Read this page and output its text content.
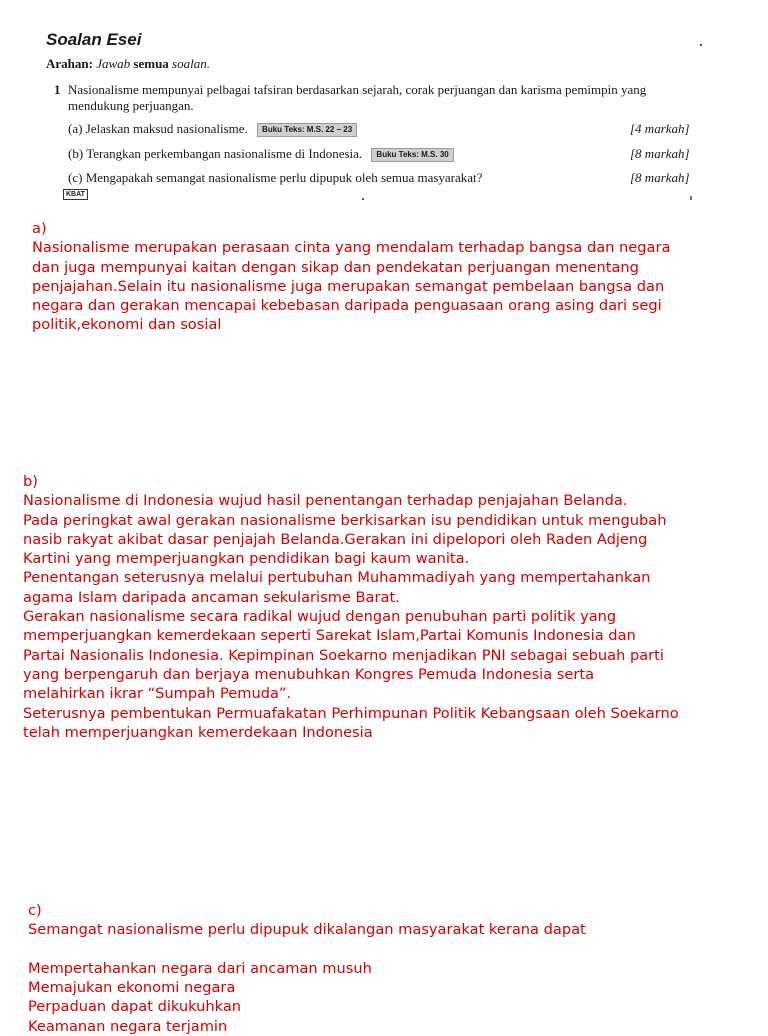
Soalan Esei
Arahan: Jawab semua soalan.
1 Nasionalisme mempunyai pelbagai tafsiran berdasarkan sejarah, corak perjuangan dan karisma pemimpin yang mendukung perjuangan.
(a) Jelaskan maksud nasionalisme. Buku Teks: M.S. 22 – 23	[4 markah]
(b) Terangkan perkembangan nasionalisme di Indonesia. Buku Teks: M.S. 30	[8 markah]
(c) Mengapakah semangat nasionalisme perlu dipupuk oleh semua masyarakat?	[8 markah]
KBAT

a)

Nasionalisme merupakan perasaan cinta yang mendalam terhadap bangsa dan negara

dan juga mempunyai kaitan dengan sikap dan pendekatan perjuangan menentang

penjajahan.Selain itu nasionalisme juga merupakan semangat pembelaan bangsa dan

negara dan gerakan mencapai kebebasan daripada penguasaan orang asing dari segi

politik,ekonomi dan sosial

b)

Nasionalisme di Indonesia wujud hasil penentangan terhadap penjajahan Belanda.

Pada peringkat awal gerakan nasionalisme berkisarkan isu pendidikan untuk mengubah

nasib rakyat akibat dasar penjajah Belanda.Gerakan ini dipelopori oleh Raden Adjeng

Kartini yang memperjuangkan pendidikan bagi kaum wanita.

Penentangan seterusnya melalui pertubuhan Muhammadiyah yang mempertahankan

agama Islam daripada ancaman sekularisme Barat.

Gerakan nasionalisme secara radikal wujud dengan penubuhan parti politik yang

memperjuangkan kemerdekaan seperti Sarekat Islam,Partai Komunis Indonesia dan

Partai Nasionalis Indonesia. Kepimpinan Soekarno menjadikan PNI sebagai sebuah parti

yang berpengaruh dan berjaya menubuhkan Kongres Pemuda Indonesia serta

melahirkan ikrar “Sumpah Pemuda”.

Seterusnya pembentukan Permuafakatan Perhimpunan Politik Kebangsaan oleh Soekarno

telah memperjuangkan kemerdekaan Indonesia

c)

Semangat nasionalisme perlu dipupuk dikalangan masyarakat kerana dapat

Mempertahankan negara dari ancaman musuh

Memajukan ekonomi negara

Perpaduan dapat dikukuhkan

Keamanan negara terjamin
